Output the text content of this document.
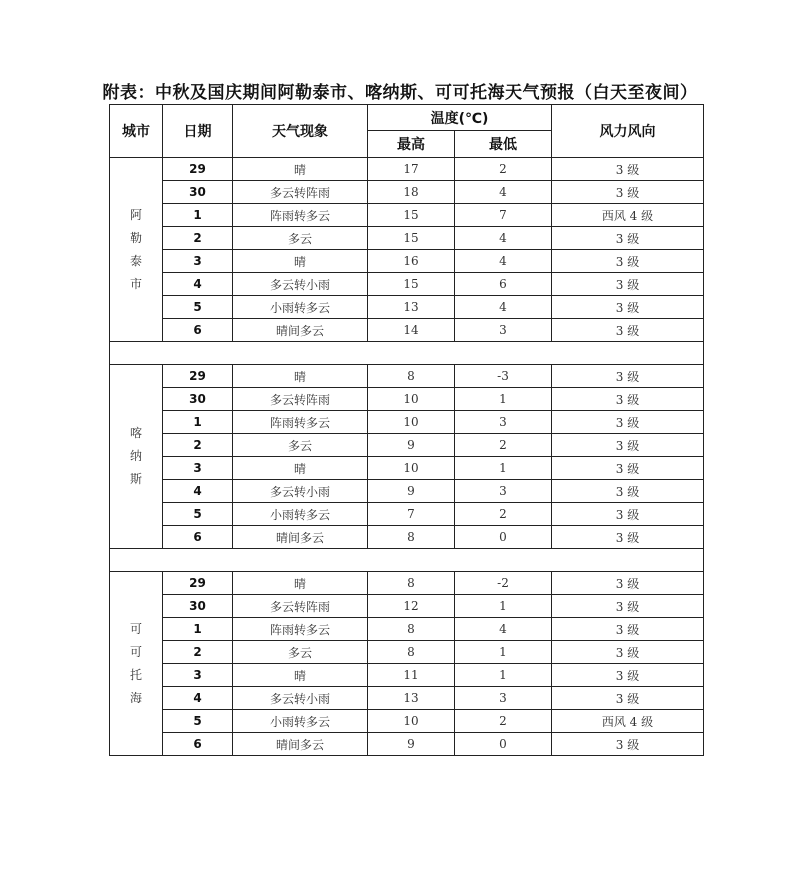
附表：中秋及国庆期间阿勒泰市、喀纳斯、可可托海天气预报（白天至夜间）
城市	日期	天气现象	温度(℃)		风力风向
			最高	最低	
阿勒泰市	29	晴	17	2	3 级
	30	多云转阵雨	18	4	3 级
	1	阵雨转多云	15	7	西风 4 级
	2	多云	15	4	3 级
	3	晴	16	4	3 级
	4	多云转小雨	15	6	3 级
	5	小雨转多云	13	4	3 级
	6	晴间多云	14	3	3 级

喀纳斯	29	晴	8	-3	3 级
	30	多云转阵雨	10	1	3 级
	1	阵雨转多云	10	3	3 级
	2	多云	9	2	3 级
	3	晴	10	1	3 级
	4	多云转小雨	9	3	3 级
	5	小雨转多云	7	2	3 级
	6	晴间多云	8	0	3 级

可可托海	29	晴	8	-2	3 级
	30	多云转阵雨	12	1	3 级
	1	阵雨转多云	8	4	3 级
	2	多云	8	1	3 级
	3	晴	11	1	3 级
	4	多云转小雨	13	3	3 级
	5	小雨转多云	10	2	西风 4 级
	6	晴间多云	9	0	3 级
